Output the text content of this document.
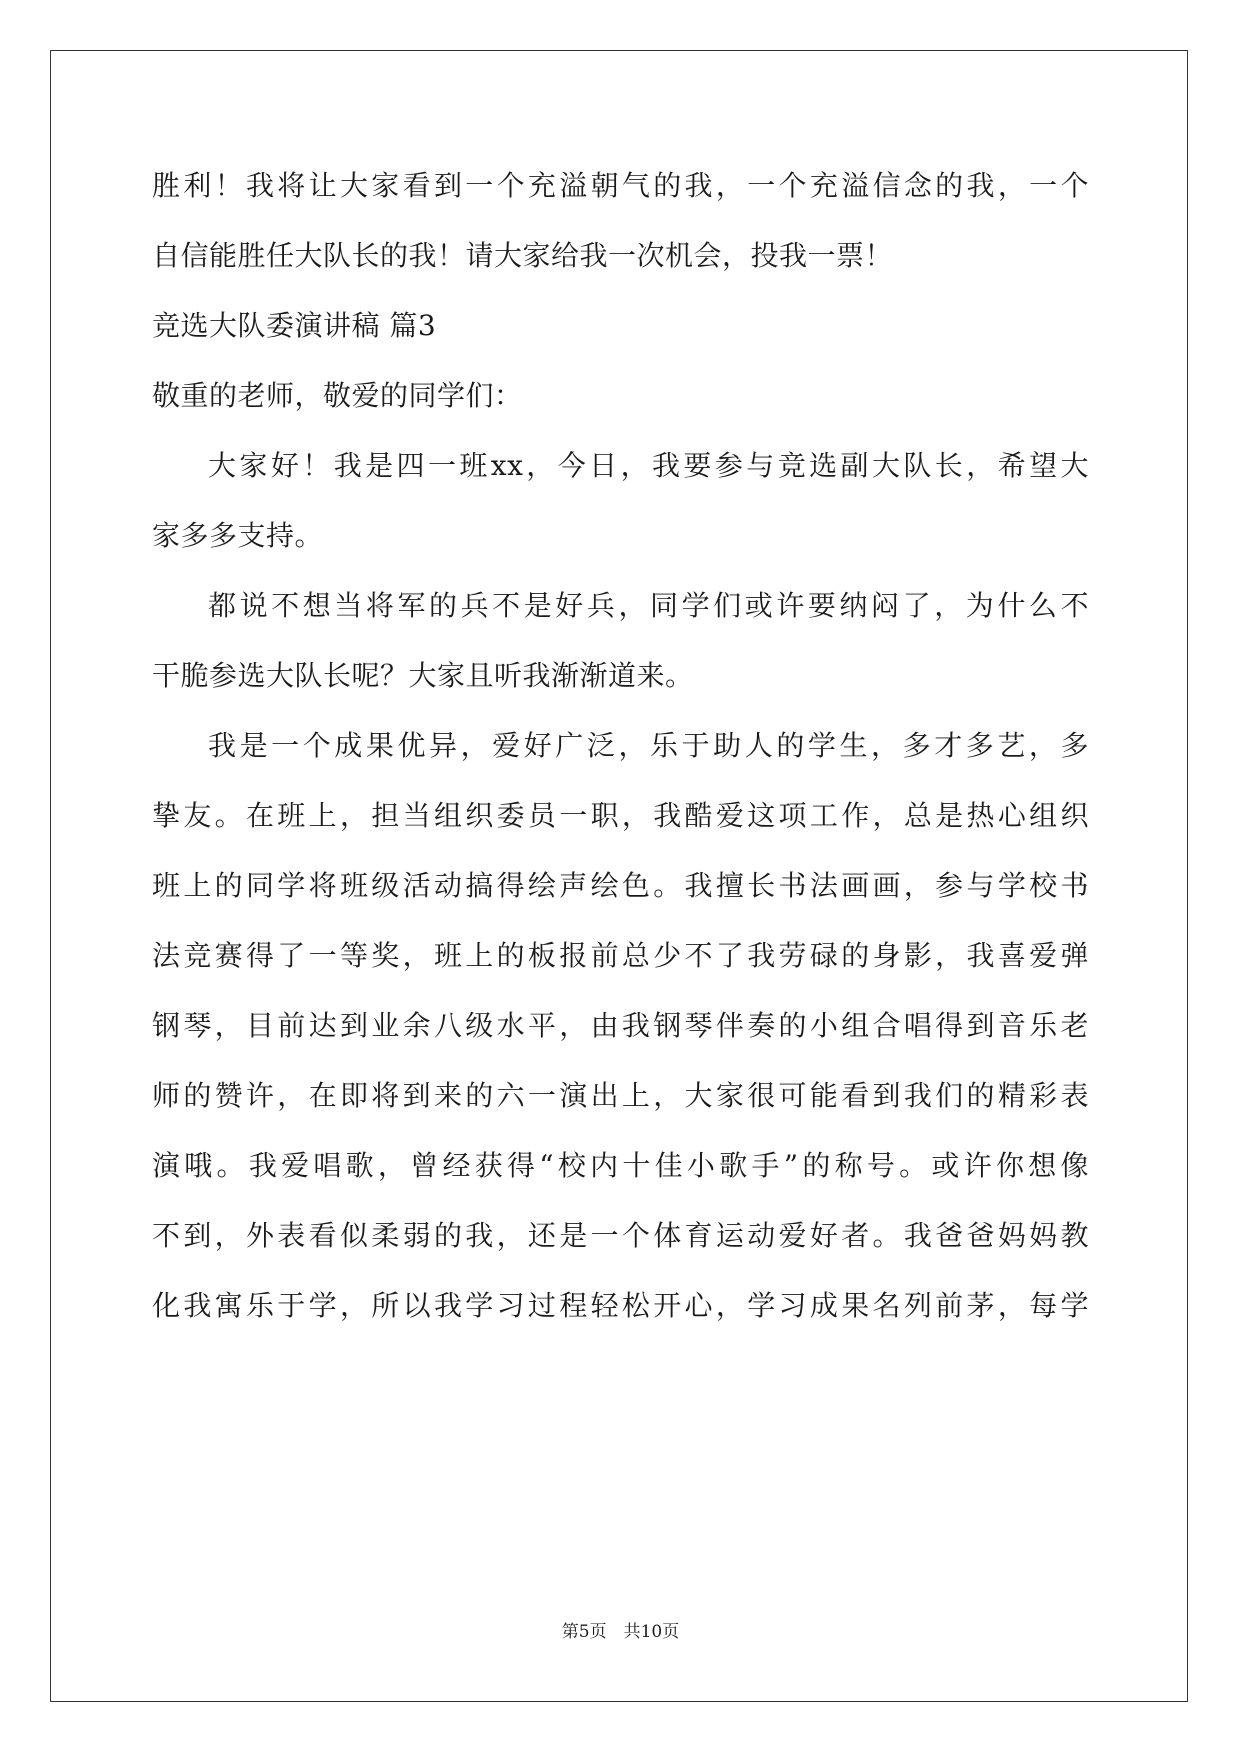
胜利！我将让大家看到一个充溢朝气的我，一个充溢信念的我，一个
自信能胜任大队长的我！请大家给我一次机会，投我一票！
竞选大队委演讲稿 篇3
敬重的老师，敬爱的同学们：
大家好！我是四一班xx，今日，我要参与竞选副大队长，希望大
家多多支持。
都说不想当将军的兵不是好兵，同学们或许要纳闷了，为什么不
干脆参选大队长呢？大家且听我渐渐道来。
我是一个成果优异，爱好广泛，乐于助人的学生，多才多艺，多
挚友。在班上，担当组织委员一职，我酷爱这项工作，总是热心组织
班上的同学将班级活动搞得绘声绘色。我擅长书法画画，参与学校书
法竞赛得了一等奖，班上的板报前总少不了我劳碌的身影，我喜爱弹
钢琴，目前达到业余八级水平，由我钢琴伴奏的小组合唱得到音乐老
师的赞许，在即将到来的六一演出上，大家很可能看到我们的精彩表
演哦。我爱唱歌，曾经获得“校内十佳小歌手”的称号。或许你想像
不到，外表看似柔弱的我，还是一个体育运动爱好者。我爸爸妈妈教
化我寓乐于学，所以我学习过程轻松开心，学习成果名列前茅，每学
第5页　共10页
